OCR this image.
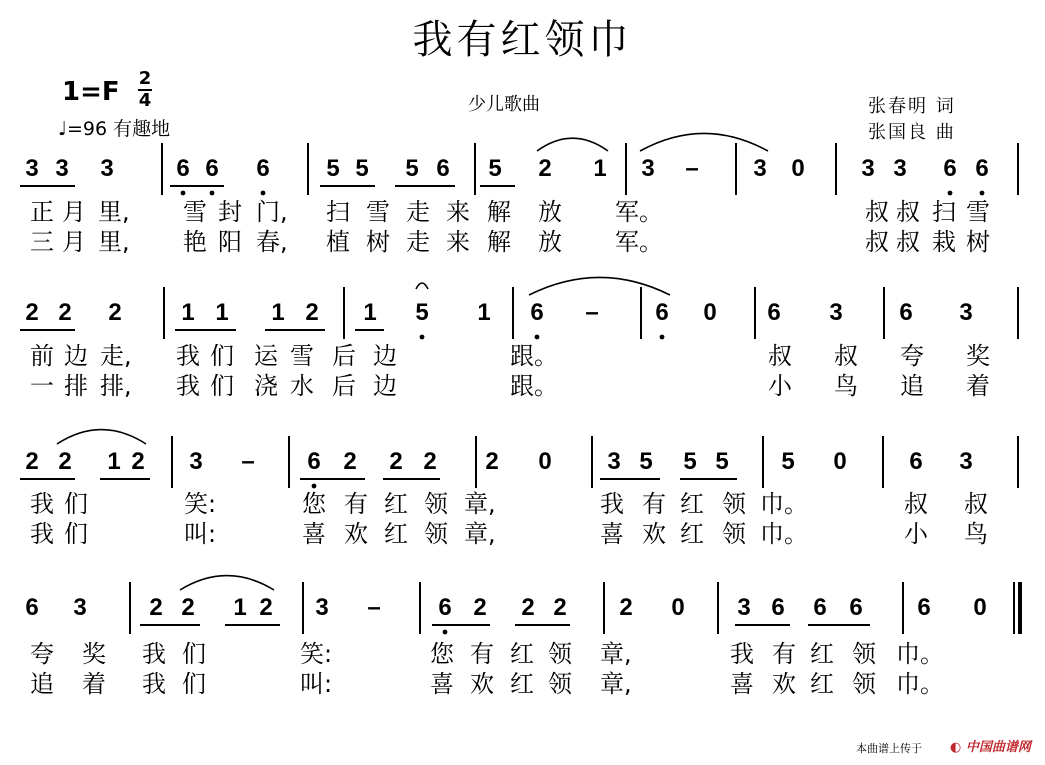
我有红领巾
1=F 2
4
♩=96 有趣地
少儿歌曲	张春明 词
张国良 曲
3 3 3	6 6 6 5 5 5 6 5 2 1 3 – 3 0 3 3 6 6
正 月 里, 雪 封 门, 扫 雪 走 来 解 放 军。	叔 叔 扫 雪
三 月 里, 艳 阳 春, 植 树 走 来 解 放 军。	叔 叔 栽 树
2 2 2 1 1 1 2 1 5 1 6 – 6 0 6 3 6 3
前 边 走, 我 们 运 雪 后 边	跟。	叔 叔 夸 奖
一 排 排, 我 们 浇 水 后 边	跟。	小 鸟 追 着
2 2 1 2 3 – 6 2 2 2 2 0 3 5 5 5 5 0	6 3
我 们	笑:	您 有 红 领 章,	我 有 红 领 巾。	叔 叔
我 们	叫:	喜 欢 红 领 章,	喜 欢 红 领 巾。	小 鸟
6 3	2 2 1 2 3 – 6 2 2 2 2 0 3 6 6 6 6 0
夸 奖 我 们	笑:	您 有 红 领 章,	我 有 红 领 巾。
追 着 我 们	叫:	喜 欢 红 领 章,	喜 欢 红 领 巾。
本曲谱上传于 ◐ 中国曲谱网
